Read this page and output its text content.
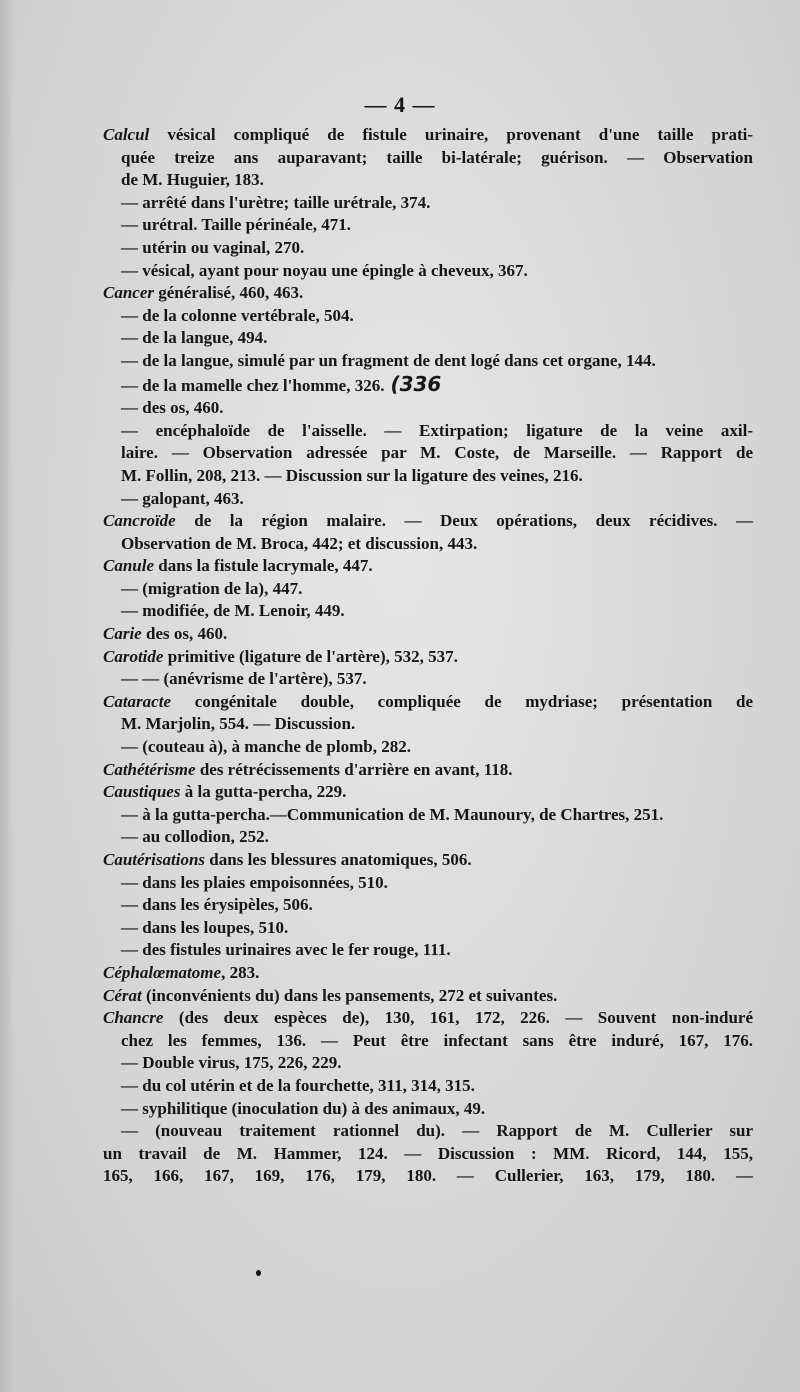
— 4 —
Calcul vésical compliqué de fistule urinaire, provenant d'une taille prati-
quée treize ans auparavant; taille bi-latérale; guérison. — Observation
de M. Huguier, 183.
— arrêté dans l'urètre; taille urétrale, 374.
— urétral. Taille périnéale, 471.
— utérin ou vaginal, 270.
— vésical, ayant pour noyau une épingle à cheveux, 367.
Cancer généralisé, 460, 463.
— de la colonne vertébrale, 504.
— de la langue, 494.
— de la langue, simulé par un fragment de dent logé dans cet organe, 144.
— de la mamelle chez l'homme, 326. (336
— des os, 460.
— encéphaloïde de l'aisselle. — Extirpation; ligature de la veine axil-
laire. — Observation adressée par M. Coste, de Marseille. — Rapport de
M. Follin, 208, 213. — Discussion sur la ligature des veines, 216.
— galopant, 463.
Cancroïde de la région malaire. — Deux opérations, deux récidives. —
Observation de M. Broca, 442; et discussion, 443.
Canule dans la fistule lacrymale, 447.
— (migration de la), 447.
— modifiée, de M. Lenoir, 449.
Carie des os, 460.
Carotide primitive (ligature de l'artère), 532, 537.
— — (anévrisme de l'artère), 537.
Cataracte congénitale double, compliquée de mydriase; présentation de
M. Marjolin, 554. — Discussion.
— (couteau à), à manche de plomb, 282.
Cathétérisme des rétrécissements d'arrière en avant, 118.
Caustiques à la gutta-percha, 229.
— à la gutta-percha.—Communication de M. Maunoury, de Chartres, 251.
— au collodion, 252.
Cautérisations dans les blessures anatomiques, 506.
— dans les plaies empoisonnées, 510.
— dans les érysipèles, 506.
— dans les loupes, 510.
— des fistules urinaires avec le fer rouge, 111.
Céphalœmatome, 283.
Cérat (inconvénients du) dans les pansements, 272 et suivantes.
Chancre (des deux espèces de), 130, 161, 172, 226. — Souvent non-induré
chez les femmes, 136. — Peut être infectant sans être induré, 167, 176.
— Double virus, 175, 226, 229.
— du col utérin et de la fourchette, 311, 314, 315.
— syphilitique (inoculation du) à des animaux, 49.
— (nouveau traitement rationnel du). — Rapport de M. Cullerier sur
un travail de M. Hammer, 124. — Discussion : MM. Ricord, 144, 155,
165, 166, 167, 169, 176, 179, 180. — Cullerier, 163, 179, 180. —
